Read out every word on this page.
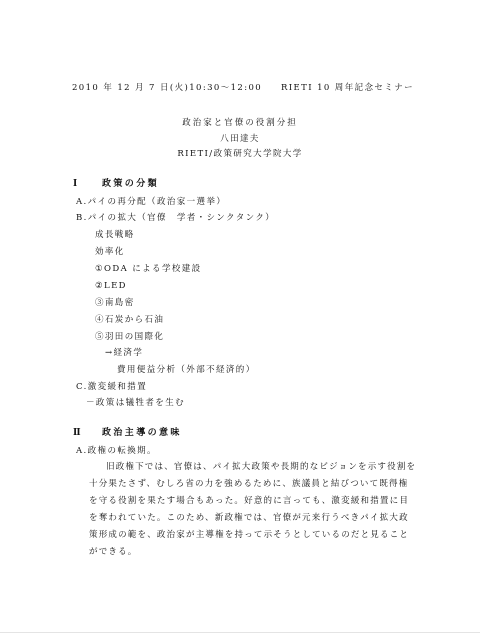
2010 年 12 月 7 日(火)10:30～12:00 RIETI 10 周年記念セミナー
政治家と官僚の役割分担
八田達夫
RIETI/政策研究大学院大学
Ⅰ 政策の分類
A.パイの再分配（政治家一選挙）
B.パイの拡大（官僚　学者・シンクタンク）
成長戦略
効率化
①ODA による学校建設
②LED
③南島密
④石炭から石油
⑤羽田の国際化
→経済学
費用便益分析（外部不経済的）
C.激変緩和措置
－政策は犠牲者を生む
Ⅱ 政治主導の意味
A.政権の転換期。
旧政権下では、官僚は、パイ拡大政策や長期的なビジョンを示す役割を
十分果たさず、むしろ省の力を強めるために、族議員と結びついて既得権
を守る役割を果たす場合もあった。好意的に言っても、激変緩和措置に目
を奪われていた。このため、新政権では、官僚が元来行うべきパイ拡大政
策形成の範を、政治家が主導権を持って示そうとしているのだと見ること
ができる。
